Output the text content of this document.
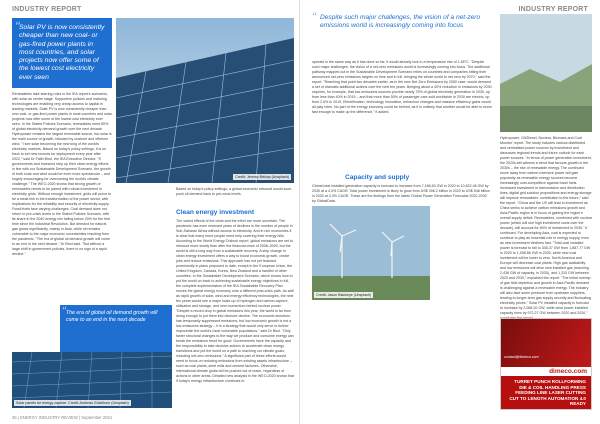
INDUSTRY REPORT
“ Solar PV is now consistently cheaper than new coal- or gas-fired power plants in most countries, and solar projects now offer some of the lowest cost electricity ever seen
Credit: Jeremy Bishop (Unsplash)

Renewables take starring roles in the IEA report's scenarios, with solar as centre stage. Supportive policies and maturing technologies are enabling very cheap access to capital in leading markets. Solar PV is now consistently cheaper than new coal- or gas-fired power plants in most countries and solar projects now offer some of the lowest cost electricity ever seen. In the Stated Policies Scenario, renewables meet 80% of global electricity demand growth over the next decade. Hydropower remains the largest renewable source, but solar is the main source of growth, followed by onshore and offshore wind. "I see solar becoming the new king of the world's electricity markets. Based on today's policy settings, it is on track to set new records for deployment every year after 2022," said Dr Fatih Birol, the IEA Executive Director. "If governments and investors step up their clean energy efforts in line with our Sustainable Development Scenario, the growth of both solar and wind would be even more spectacular – and hugely encouraging for overcoming the world's climate challenge." The WEO-2020 shows that strong growth of renewables needs to be paired with robust investment in electricity grids. Without enough investment, grids will prove to be a weak link in the transformation of the power sector, with implications for the reliability and security of electricity supply. Fossil fuels face varying challenges. Coal demand does not return to pre-crisis levels in the Stated Policies Scenario, with its share in the 2040 energy mix falling below 20% for the first time since the Industrial Revolution. But demand for natural gas grows significantly, mainly in Asia, while oil remains vulnerable to the major economic uncertainties resulting from the pandemic. "The era of global oil demand growth will come to an end in the next decade," Dr Birol said. "But without a large shift in government policies, there is no sign of a rapid decline."

Based on today's policy settings, a global economic rebound would soon push oil demand back to pre-crisis levels.

Clean energy investment

The varied effects of the crisis and the effort are more uncertain. The pandemic has even reversed years of declines in the number of people in Sub-Saharan Africa without access to electricity. And in rich economies it is clear that many more people need help covering their energy bills. According to the World Energy Outlook report, global emissions are set to rebound more slowly than after the financial crisis of 2008–2009, but the world is still a long way from a sustainable recovery. A step change in clean energy investment offers a way to boost economic growth, create jobs and reduce emissions. This approach has not yet featured prominently in plans proposed to date, except in the European Union, the United Kingdom, Canada, Korea, New Zealand and a handful of other countries. In the Sustainable Development Scenario, which shows how to put the world on track to achieving sustainable energy objectives in full, the complete implementation of the IEA Sustainable Recovery Plan moves the global energy economy onto a different post-crisis path. As well as rapid growth of solar, wind and energy efficiency technologies, the next ten years would see a major scale-up of hydrogen and carbon capture, utilisation and storage, and new momentum behind nuclear power. "Despite a record drop in global emissions this year, the world is far from doing enough to put them into decisive decline. The economic downturn has temporarily suppressed emissions, but low economic growth is not a low-emissions strategy – it is a strategy that would only serve to further impoverish the world's most vulnerable populations," said Dr Birol. "Only faster structural changes to the way we produce and consume energy can break the emissions trend for good. Governments have the capacity and the responsibility to take decisive actions to accelerate clean energy transitions and put the world on a path to reaching our climate goals, including net-zero emissions." A significant part of these efforts would need to focus on reducing emissions from existing assets infrastructure – such as coal plants, steel mills and cement factories. Otherwise, international climate goals will be pushed out of reach, regardless of actions in other areas. Detailed new analysis in the WEO-2020 shows that if today's energy infrastructure continues to

“ The era of global oil demand growth will come to an end in the next decade
Solar panels for energy capture. Credit: Andreas Gücklhorn (Unsplash)
36 | ENERGY INDUSTRY REVIEW | September 2021
INDUSTRY REPORT
“ Despite such major challenges, the vision of a net-zero emissions world is increasingly coming into focus

operate in the same way as it has done so far, it would already lock in a temperature rise of 1.65°C. "Despite such major challenges, the vision of a net-zero emissions world is increasingly coming into focus. The additional pathway mapped out in the Sustainable Development Scenario relies on countries and companies hitting their announced net-zero emissions targets on time and in full, bringing the whole world to net zero by 2070," said the report. "Reaching that point two decades earlier, as in the new Net Zero Emissions by 2050 case, would demand a set of dramatic additional actions over the next ten years. Bringing about a 40% reduction in emissions by 2030 requires, for example, that low-emissions sources provide nearly 75% of global electricity generation in 2030, up from less than 40% in 2019 – and that more than 50% of passenger cars sold worldwide in 2030 are electric, up from 2.5% in 2019. Electrification, technology innovation, behaviour changes and massive efficiency gains would all play roles. No part of the energy economy could be behind, as it is unlikely that another would be able to move fast enough to make up the difference," it added.

Capacity and supply

Global total installed generation capacity is forecast to increase from 7,186,60 GW in 2020 to 10,822.46 GW by 2030 at a 4.3% CAGR. Total power investment is likely to grow from US$ 396.2 billion in 2020 to US$ 546 billion in 2030 at 3.3% CAGR. These are the findings from the latest 'Global Power Generation Forecasts 2020-2030' by GlobalData.

Credit: Jason Blackeye (Unsplash)

Hydropower, Oil/Diesel, Nuclear, Biomass and Coal Monitor' report. The study includes various distributed and centralised power sources by investment and discusses regional trends and future outlook for each power sources. "In terms of power generation investment, the 2020s will witness a trend that favours growth in the 2030s – the rise of renewable energy. The continued move away from carbon-intensive power will gain popularity as renewable energy sources become increasingly cost-competitive against fossil fuels. Increased investment in transmission and distribution lines, digital grid solution propositions and energy storage will improve renewables' contribution to the future," said the report. "China and the US will lead in investment as China seeks to achieve carbon emissions growth and Asia-Pacific region is in focus of gaining the region's overall supply deficit. Renewables, combined with nuclear power (which will see high investment costs over the decade), will account for 80% of investment in 2030," it continued. For developing Asia, coal is expected to continue to play an essential role in energy supply, even as new investment declines fast. "Total coal installed power is forecast to fall to 308.37 GW from 1,887.77 GW in 2020 to 1,938.86 GW in 2030, while new coal investment will be lower to zero. North America and Europe will decrease coal plants. High gas availability and low emissions will drive new installed gas (reaching 2,438 GW of capacity, in 2030), and 1,315 GW between 2020 and 2030," explained the report. "The initial overlap of gas field depletion and growth in Asia-Pacific demand is challenging against a renewable energy. The industry will also face some pressure from upstream suppliers, leading to longer-term gas supply security and fluctuating electricity prices." Solar PV installed capacity is forecast to increase by 2,068.20 GW, while wind power installed capacity rises by 972.27 GW between 2020 and 2030,"

contact@dimeco.com
dimeco.com
TURRET PUNCH ROLLFORMING DIE & COIL HANDLING PRESS FEEDING LINE LASER CUTTING CUT TO LENGTH AUTOMATION 4.0 READY
